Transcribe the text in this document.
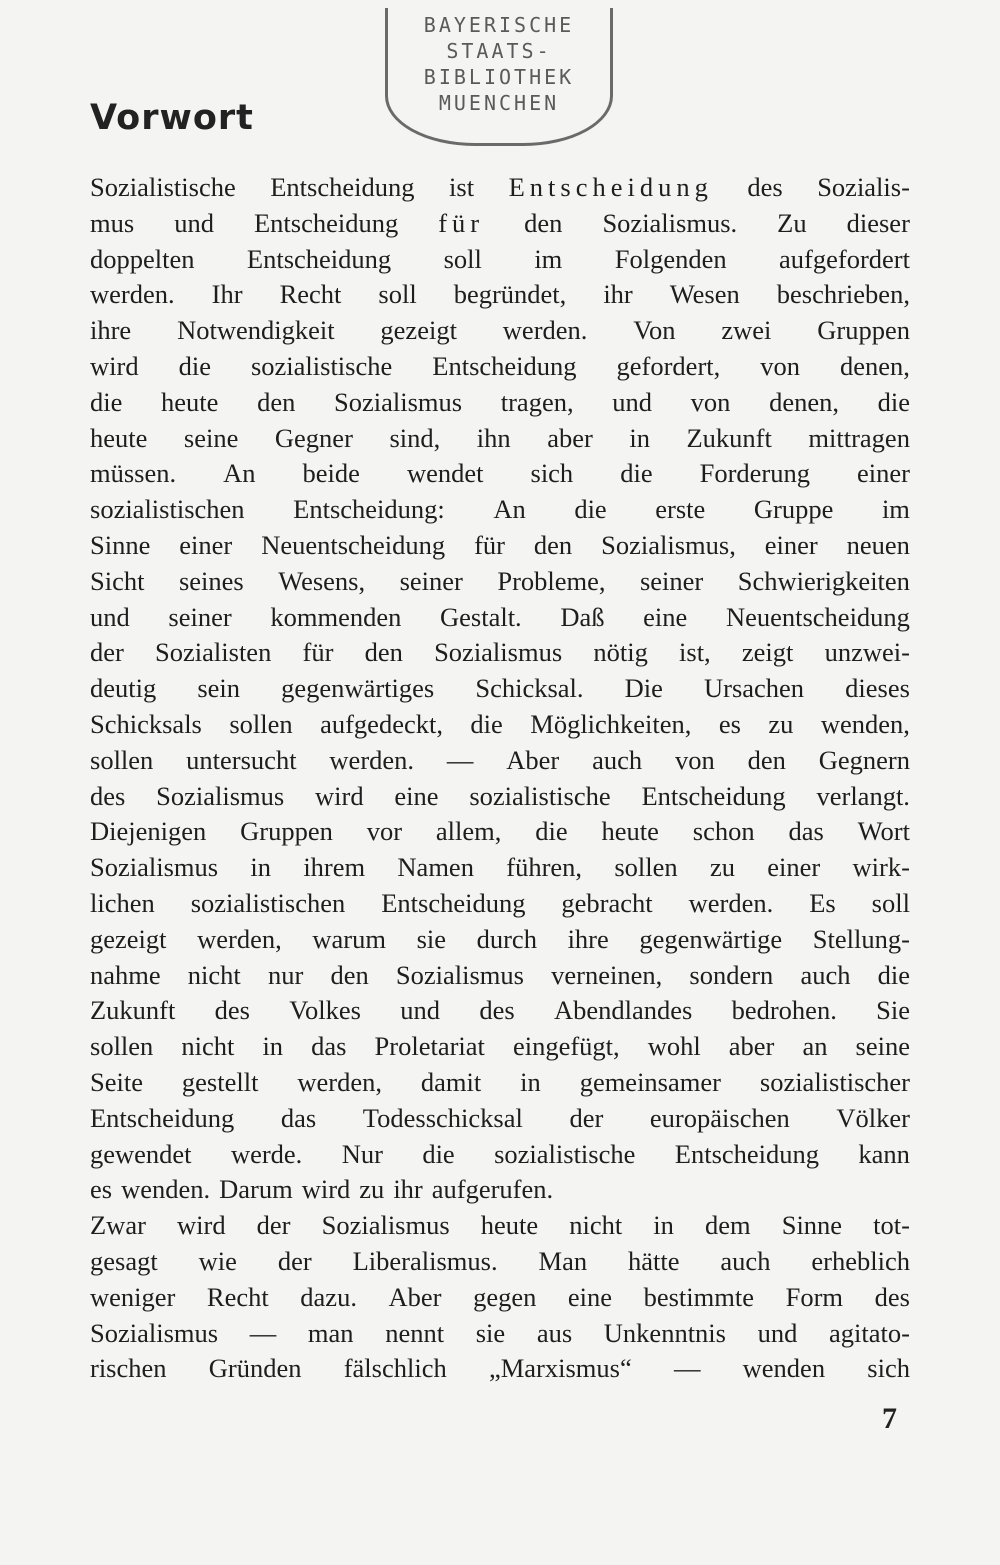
BAYERISCHE
STAATS-
BIBLIOTHEK
MUENCHEN
Vorwort
Sozialistische Entscheidung ist Entscheidung des Sozialis-
mus und Entscheidung für den Sozialismus. Zu dieser
doppelten Entscheidung soll im Folgenden aufgefordert
werden. Ihr Recht soll begründet, ihr Wesen beschrieben,
ihre Notwendigkeit gezeigt werden. Von zwei Gruppen
wird die sozialistische Entscheidung gefordert, von denen,
die heute den Sozialismus tragen, und von denen, die
heute seine Gegner sind, ihn aber in Zukunft mittragen
müssen. An beide wendet sich die Forderung einer
sozialistischen Entscheidung: An die erste Gruppe im
Sinne einer Neuentscheidung für den Sozialismus, einer neuen
Sicht seines Wesens, seiner Probleme, seiner Schwierigkeiten
und seiner kommenden Gestalt. Daß eine Neuentscheidung
der Sozialisten für den Sozialismus nötig ist, zeigt unzwei-
deutig sein gegenwärtiges Schicksal. Die Ursachen dieses
Schicksals sollen aufgedeckt, die Möglichkeiten, es zu wenden,
sollen untersucht werden. — Aber auch von den Gegnern
des Sozialismus wird eine sozialistische Entscheidung verlangt.
Diejenigen Gruppen vor allem, die heute schon das Wort
Sozialismus in ihrem Namen führen, sollen zu einer wirk-
lichen sozialistischen Entscheidung gebracht werden. Es soll
gezeigt werden, warum sie durch ihre gegenwärtige Stellung-
nahme nicht nur den Sozialismus verneinen, sondern auch die
Zukunft des Volkes und des Abendlandes bedrohen. Sie
sollen nicht in das Proletariat eingefügt, wohl aber an seine
Seite gestellt werden, damit in gemeinsamer sozialistischer
Entscheidung das Todesschicksal der europäischen Völker
gewendet werde. Nur die sozialistische Entscheidung kann
es wenden. Darum wird zu ihr aufgerufen.
Zwar wird der Sozialismus heute nicht in dem Sinne tot-
gesagt wie der Liberalismus. Man hätte auch erheblich
weniger Recht dazu. Aber gegen eine bestimmte Form des
Sozialismus — man nennt sie aus Unkenntnis und agitato-
rischen Gründen fälschlich „Marxismus“ — wenden sich
7
